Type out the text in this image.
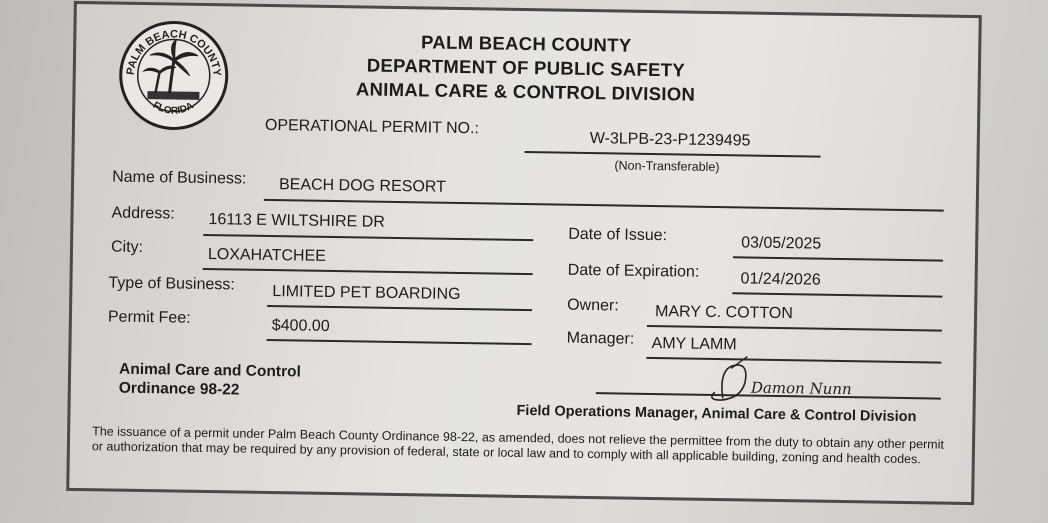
PALM BEACH COUNTY
FLORIDA
PALM BEACH COUNTY
DEPARTMENT OF PUBLIC SAFETY
ANIMAL CARE & CONTROL DIVISION
OPERATIONAL PERMIT NO.:
W-3LPB-23-P1239495
(Non-Transferable)
Name of Business: BEACH DOG RESORT
Address: 16113 E WILTSHIRE DR
City:	LOXAHATCHEE
Type of Business: LIMITED PET BOARDING
Permit Fee:	$400.00
Date of Issue:	03/05/2025
Date of Expiration:	01/24/2026
Owner: MARY C. COTTON
Manager: AMY LAMM
Animal Care and Control
Ordinance 98-22	Damon Nunn
Field Operations Manager, Animal Care & Control Division
The issuance of a permit under Palm Beach County Ordinance 98-22, as amended, does not relieve the permittee from the duty to obtain any other permit or authorization that may be required by any provision of federal, state or local law and to comply with all applicable building, zoning and health codes.
